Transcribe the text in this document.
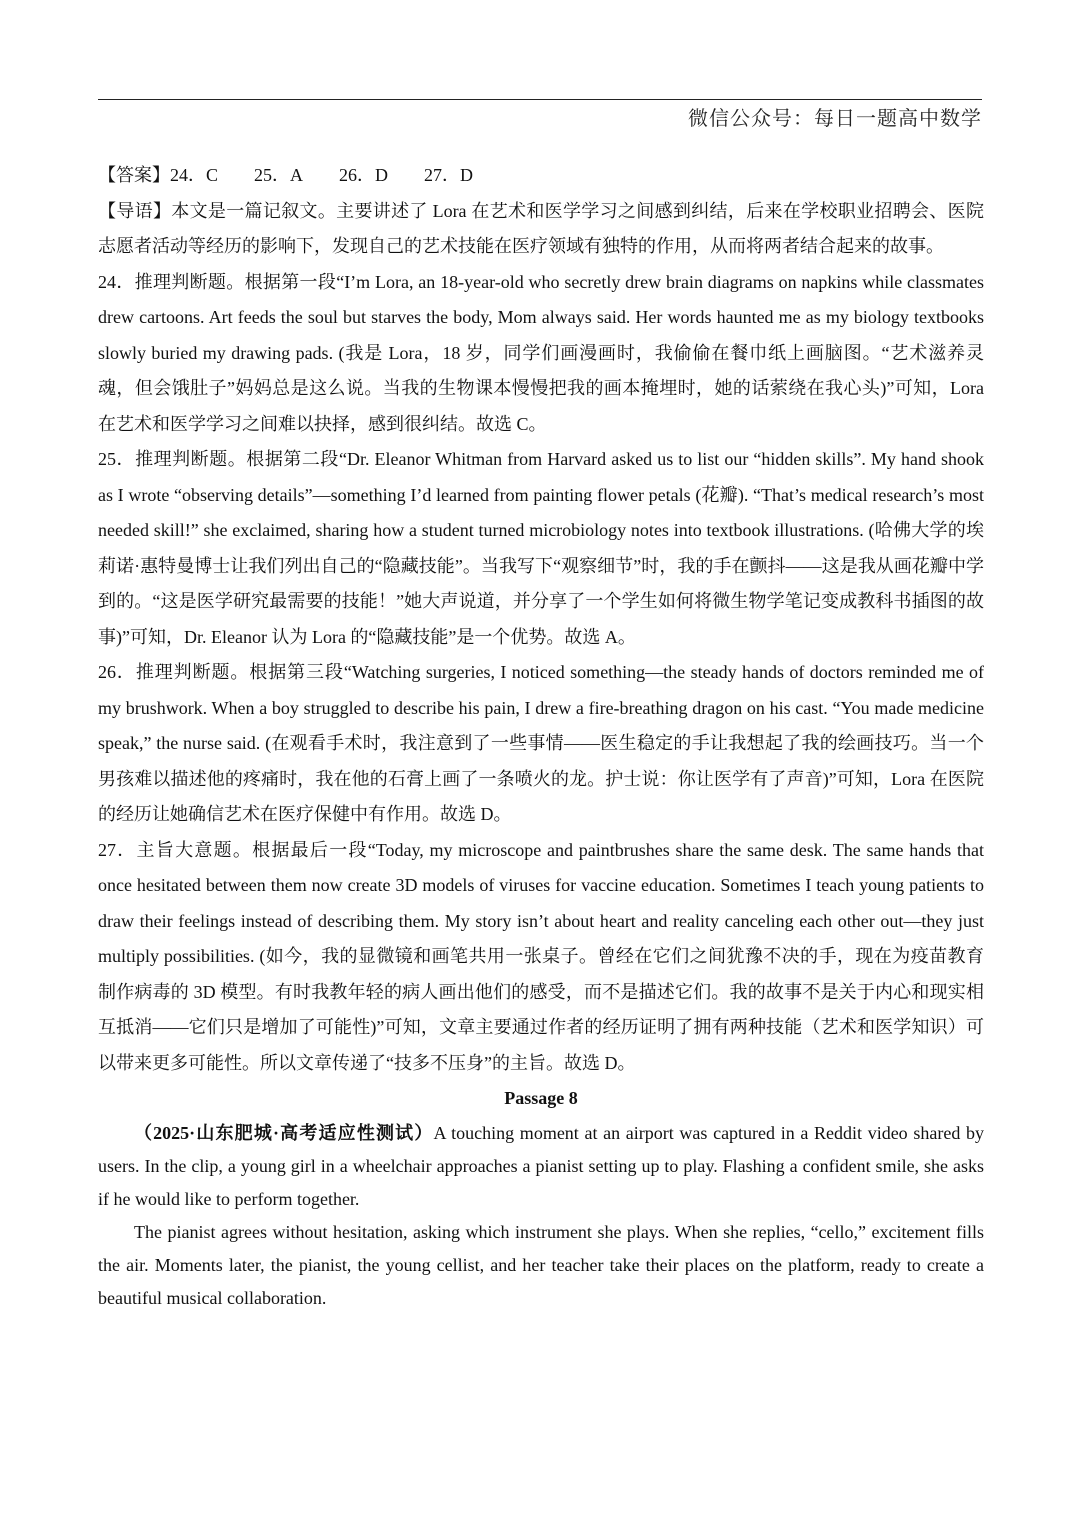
微信公众号：每日一题高中数学

【答案】24．C 25．A 26．D 27．D

【导语】本文是一篇记叙文。主要讲述了 Lora 在艺术和医学学习之间感到纠结，后来在学校职业招聘会、医院志愿者活动等经历的影响下，发现自己的艺术技能在医疗领域有独特的作用，从而将两者结合起来的故事。

24．推理判断题。根据第一段“I’m Lora, an 18-year-old who secretly drew brain diagrams on napkins while classmates drew cartoons. Art feeds the soul but starves the body, Mom always said. Her words haunted me as my biology textbooks slowly buried my drawing pads. (我是 Lora，18 岁，同学们画漫画时，我偷偷在餐巾纸上画脑图。“艺术滋养灵魂，但会饿肚子”妈妈总是这么说。当我的生物课本慢慢把我的画本掩埋时，她的话萦绕在我心头)”可知，Lora 在艺术和医学学习之间难以抉择，感到很纠结。故选 C。

25．推理判断题。根据第二段“Dr. Eleanor Whitman from Harvard asked us to list our “hidden skills”. My hand shook as I wrote “observing details”—something I’d learned from painting flower petals (花瓣). “That’s medical research’s most needed skill!” she exclaimed, sharing how a student turned microbiology notes into textbook illustrations. (哈佛大学的埃莉诺·惠特曼博士让我们列出自己的“隐藏技能”。当我写下“观察细节”时，我的手在颤抖——这是我从画花瓣中学到的。“这是医学研究最需要的技能！”她大声说道，并分享了一个学生如何将微生物学笔记变成教科书插图的故事)”可知，Dr. Eleanor 认为 Lora 的“隐藏技能”是一个优势。故选 A。

26．推理判断题。根据第三段“Watching surgeries, I noticed something—the steady hands of doctors reminded me of my brushwork. When a boy struggled to describe his pain, I drew a fire-breathing dragon on his cast. “You made medicine speak,” the nurse said. (在观看手术时，我注意到了一些事情——医生稳定的手让我想起了我的绘画技巧。当一个男孩难以描述他的疼痛时，我在他的石膏上画了一条喷火的龙。护士说：你让医学有了声音)”可知，Lora 在医院的经历让她确信艺术在医疗保健中有作用。故选 D。

27．主旨大意题。根据最后一段“Today, my microscope and paintbrushes share the same desk. The same hands that once hesitated between them now create 3D models of viruses for vaccine education. Sometimes I teach young patients to draw their feelings instead of describing them. My story isn’t about heart and reality canceling each other out—they just multiply possibilities. (如今，我的显微镜和画笔共用一张桌子。曾经在它们之间犹豫不决的手，现在为疫苗教育制作病毒的 3D 模型。有时我教年轻的病人画出他们的感受，而不是描述它们。我的故事不是关于内心和现实相互抵消——它们只是增加了可能性)”可知，文章主要通过作者的经历证明了拥有两种技能（艺术和医学知识）可以带来更多可能性。所以文章传递了“技多不压身”的主旨。故选 D。

Passage 8

（2025·山东肥城·高考适应性测试）A touching moment at an airport was captured in a Reddit video shared by users. In the clip, a young girl in a wheelchair approaches a pianist setting up to play. Flashing a confident smile, she asks if he would like to perform together.

The pianist agrees without hesitation, asking which instrument she plays. When she replies, “cello,” excitement fills the air. Moments later, the pianist, the young cellist, and her teacher take their places on the platform, ready to create a beautiful musical collaboration.
